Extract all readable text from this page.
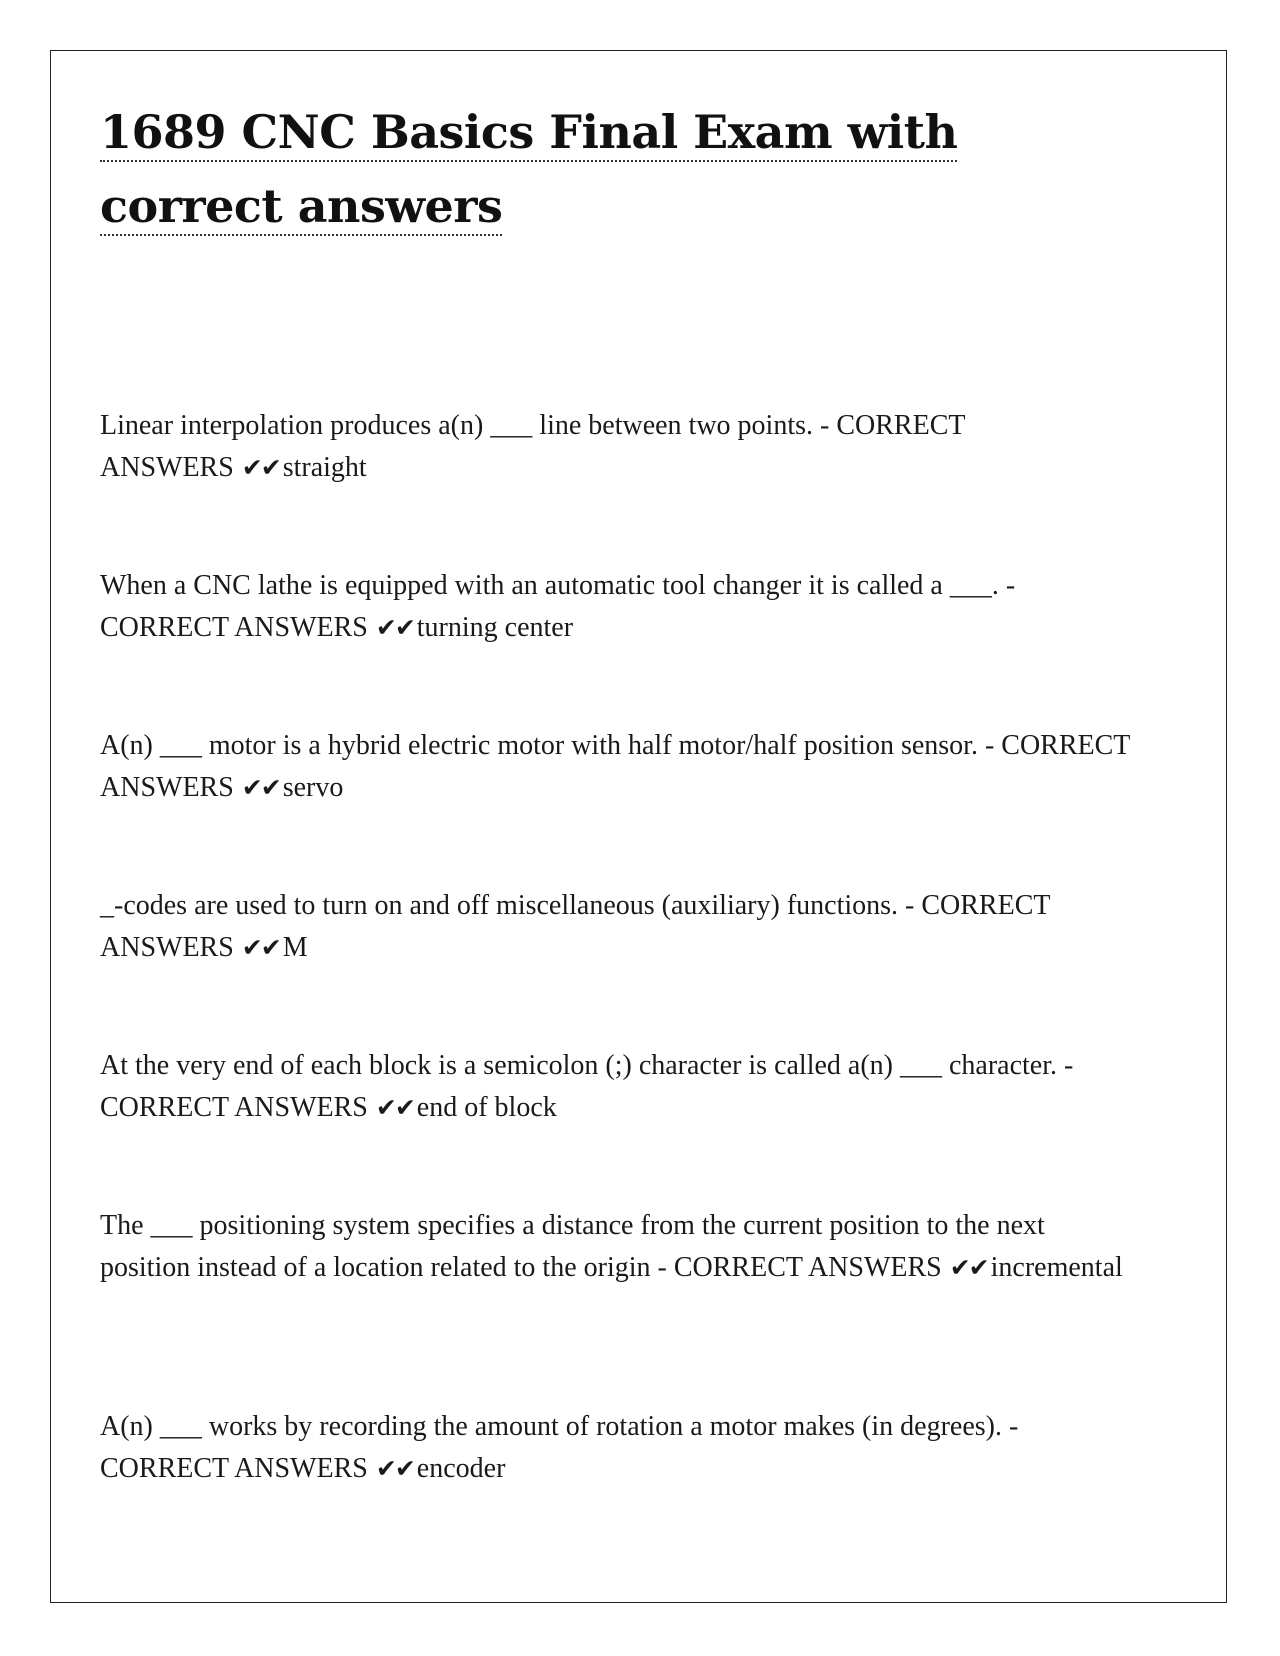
1689 CNC Basics Final Exam with correct answers

Linear interpolation produces a(n) ___ line between two points. - CORRECT ANSWERS ✔✔ straight

When a CNC lathe is equipped with an automatic tool changer it is called a ___. - CORRECT ANSWERS ✔✔ turning center

A(n) ___ motor is a hybrid electric motor with half motor/half position sensor. - CORRECT ANSWERS ✔✔ servo

_-codes are used to turn on and off miscellaneous (auxiliary) functions. - CORRECT ANSWERS ✔✔ M

At the very end of each block is a semicolon (;) character is called a(n) ___ character. - CORRECT ANSWERS ✔✔ end of block

The ___ positioning system specifies a distance from the current position to the next position instead of a location related to the origin - CORRECT ANSWERS ✔✔ incremental

A(n) ___ works by recording the amount of rotation a motor makes (in degrees). - CORRECT ANSWERS ✔✔ encoder
